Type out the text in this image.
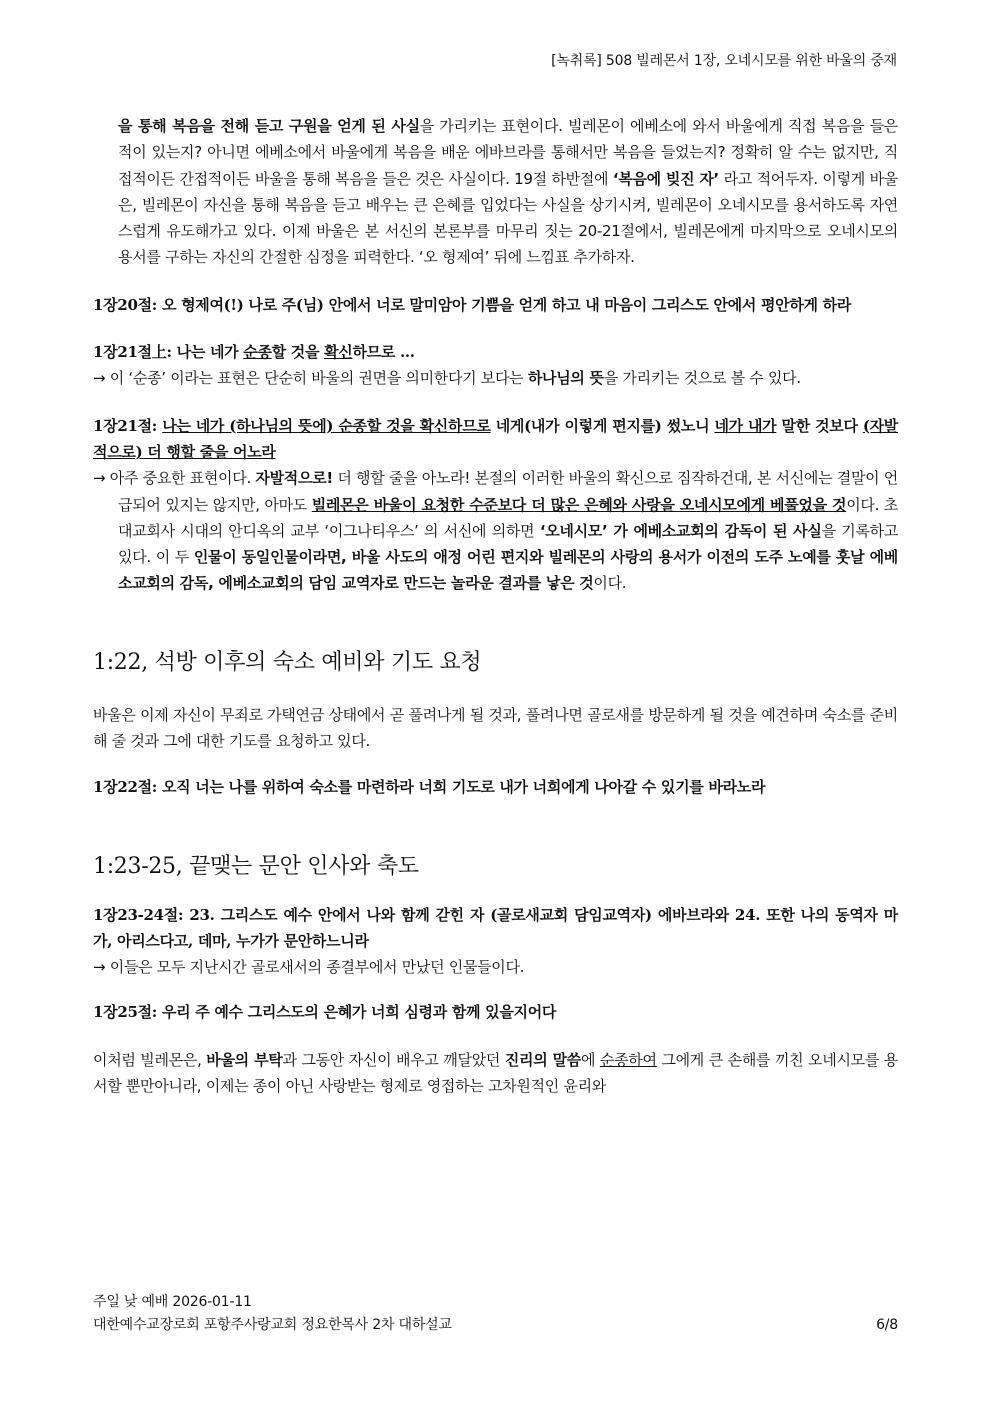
[녹취록] 508 빌레몬서 1장, 오네시모를 위한 바울의 중재

을 통해 복음을 전해 듣고 구원을 얻게 된 사실을 가리키는 표현이다. 빌레몬이 에베소에 와서 바울에게 직접 복음을 들은 적이 있는지? 아니면 에베소에서 바울에게 복음을 배운 에바브라를 통해서만 복음을 들었는지? 정확히 알 수는 없지만, 직접적이든 간접적이든 바울을 통해 복음을 들은 것은 사실이다. 19절 하반절에 ‘복음에 빚진 자’ 라고 적어두자. 이렇게 바울은, 빌레몬이 자신을 통해 복음을 듣고 배우는 큰 은혜를 입었다는 사실을 상기시켜, 빌레몬이 오네시모를 용서하도록 자연스럽게 유도해가고 있다. 이제 바울은 본 서신의 본론부를 마무리 짓는 20-21절에서, 빌레몬에게 마지막으로 오네시모의 용서를 구하는 자신의 간절한 심정을 피력한다. ‘오 형제여’ 뒤에 느낌표 추가하자.

1장20절: 오 형제여(!) 나로 주(님) 안에서 너로 말미암아 기쁨을 얻게 하고 내 마음이 그리스도 안에서 평안하게 하라

1장21절上: 나는 네가 순종할 것을 확신하므로 ...

→ 이 ‘순종’ 이라는 표현은 단순히 바울의 권면을 의미한다기 보다는 하나님의 뜻을 가리키는 것으로 볼 수 있다.

1장21절: 나는 네가 (하나님의 뜻에) 순종할 것을 확신하므로 네게(내가 이렇게 편지를) 썼노니 네가 내가 말한 것보다 (자발적으로) 더 행할 줄을 어노라

→ 아주 중요한 표현이다. 자발적으로! 더 행할 줄을 아노라! 본절의 이러한 바울의 확신으로 짐작하건대, 본 서신에는 결말이 언급되어 있지는 않지만, 아마도 빌레몬은 바울이 요청한 수준보다 더 많은 은혜와 사랑을 오네시모에게 베풀었을 것이다. 초대교회사 시대의 안디옥의 교부 ‘이그나티우스’ 의 서신에 의하면 ‘오네시모’ 가 에베소교회의 감독이 된 사실을 기록하고 있다. 이 두 인물이 동일인물이라면, 바울 사도의 애정 어린 편지와 빌레몬의 사랑의 용서가 이전의 도주 노예를 훗날 에베소교회의 감독, 에베소교회의 담임 교역자로 만드는 놀라운 결과를 낳은 것이다.

1:22, 석방 이후의 숙소 예비와 기도 요청

바울은 이제 자신이 무죄로 가택연금 상태에서 곧 풀려나게 될 것과, 풀려나면 골로새를 방문하게 될 것을 예견하며 숙소를 준비해 줄 것과 그에 대한 기도를 요청하고 있다.

1장22절: 오직 너는 나를 위하여 숙소를 마련하라 너희 기도로 내가 너희에게 나아갈 수 있기를 바라노라

1:23-25, 끝맺는 문안 인사와 축도

1장23-24절: 23. 그리스도 예수 안에서 나와 함께 갇힌 자 (골로새교회 담임교역자) 에바브라와 24. 또한 나의 동역자 마가, 아리스다고, 데마, 누가가 문안하느니라

→ 이들은 모두 지난시간 골로새서의 종결부에서 만났던 인물들이다.

1장25절: 우리 주 예수 그리스도의 은혜가 너희 심령과 함께 있을지어다

이처럼 빌레몬은, 바울의 부탁과 그동안 자신이 배우고 깨달았던 진리의 말씀에 순종하여 그에게 큰 손해를 끼친 오네시모를 용서할 뿐만아니라, 이제는 종이 아닌 사랑받는 형제로 영접하는 고차원적인 윤리와

주일 낮 예배 2026-01-11
대한예수교장로회 포항주사랑교회 정요한목사 2차 대하설교	6/8
